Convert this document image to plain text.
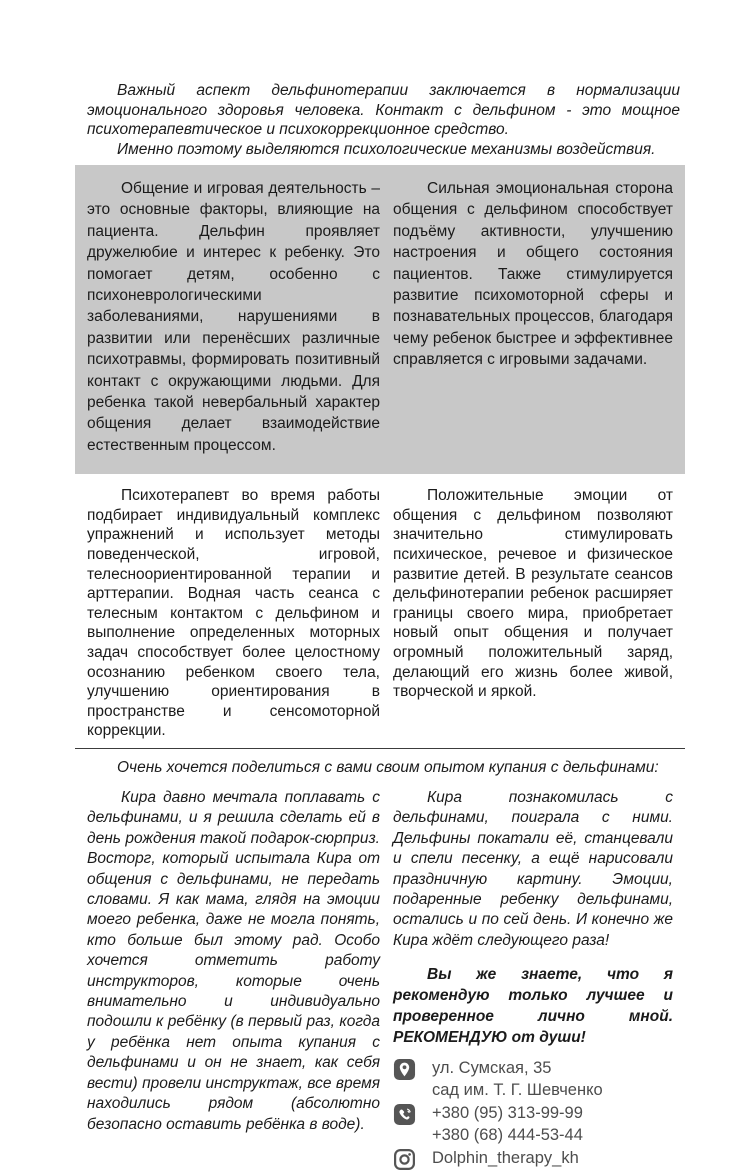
Важный аспект дельфинотерапии заключается в нормализации эмоционального здоровья человека. Контакт с дельфином - это мощное психотерапевтическое и психокоррекционное средство.

Именно поэтому выделяются психологические механизмы воздействия.

Общение и игровая деятельность – это основные факторы, влияющие на пациента. Дельфин проявляет дружелюбие и интерес к ребенку. Это помогает детям, особенно с психоневрологическими заболеваниями, нарушениями в развитии или перенёсших различные психотравмы, формировать позитивный контакт с окружающими людьми. Для ребенка такой невербальный характер общения делает взаимодействие естественным процессом.

Сильная эмоциональная сторона общения с дельфином способствует подъёму активности, улучшению настроения и общего состояния пациентов. Также стимулируется развитие психомоторной сферы и познавательных процессов, благодаря чему ребенок быстрее и эффективнее справляется с игровыми задачами.

Психотерапевт во время работы подбирает индивидуальный комплекс упражнений и использует методы поведенческой, игровой, телесноориентированной терапии и арттерапии. Водная часть сеанса с телесным контактом с дельфином и выполнение определенных моторных задач способствует более целостному осознанию ребенком своего тела, улучшению ориентирования в пространстве и сенсомоторной коррекции.

Положительные эмоции от общения с дельфином позволяют значительно стимулировать психическое, речевое и физическое развитие детей. В результате сеансов дельфинотерапии ребенок расширяет границы своего мира, приобретает новый опыт общения и получает огромный положительный заряд, делающий его жизнь более живой, творческой и яркой.

Очень хочется поделиться с вами своим опытом купания с дельфинами:

Кира давно мечтала поплавать с дельфинами, и я решила сделать ей в день рождения такой подарок-сюрприз. Восторг, который испытала Кира от общения с дельфинами, не передать словами. Я как мама, глядя на эмоции моего ребенка, даже не могла понять, кто больше был этому рад. Особо хочется отметить работу инструкторов, которые очень внимательно и индивидуально подошли к ребёнку (в первый раз, когда у ребёнка нет опыта купания с дельфинами и он не знает, как себя вести) провели инструктаж, все время находились рядом (абсолютно безопасно оставить ребёнка в воде).

Кира познакомилась с дельфинами, поиграла с ними. Дельфины покатали её, станцевали и спели песенку, а ещё нарисовали праздничную картину. Эмоции, подаренные ребенку дельфинами, остались и по сей день. И конечно же Кира ждёт следующего раза!

Вы же знаете, что я рекомендую только лучшее и проверенное лично мной. РЕКОМЕНДУЮ от души!

ул. Сумская, 35
сад им. Т. Г. Шевченко
+380 (95) 313-99-99
+380 (68) 444-53-44
Dolphin_therapy_kh
